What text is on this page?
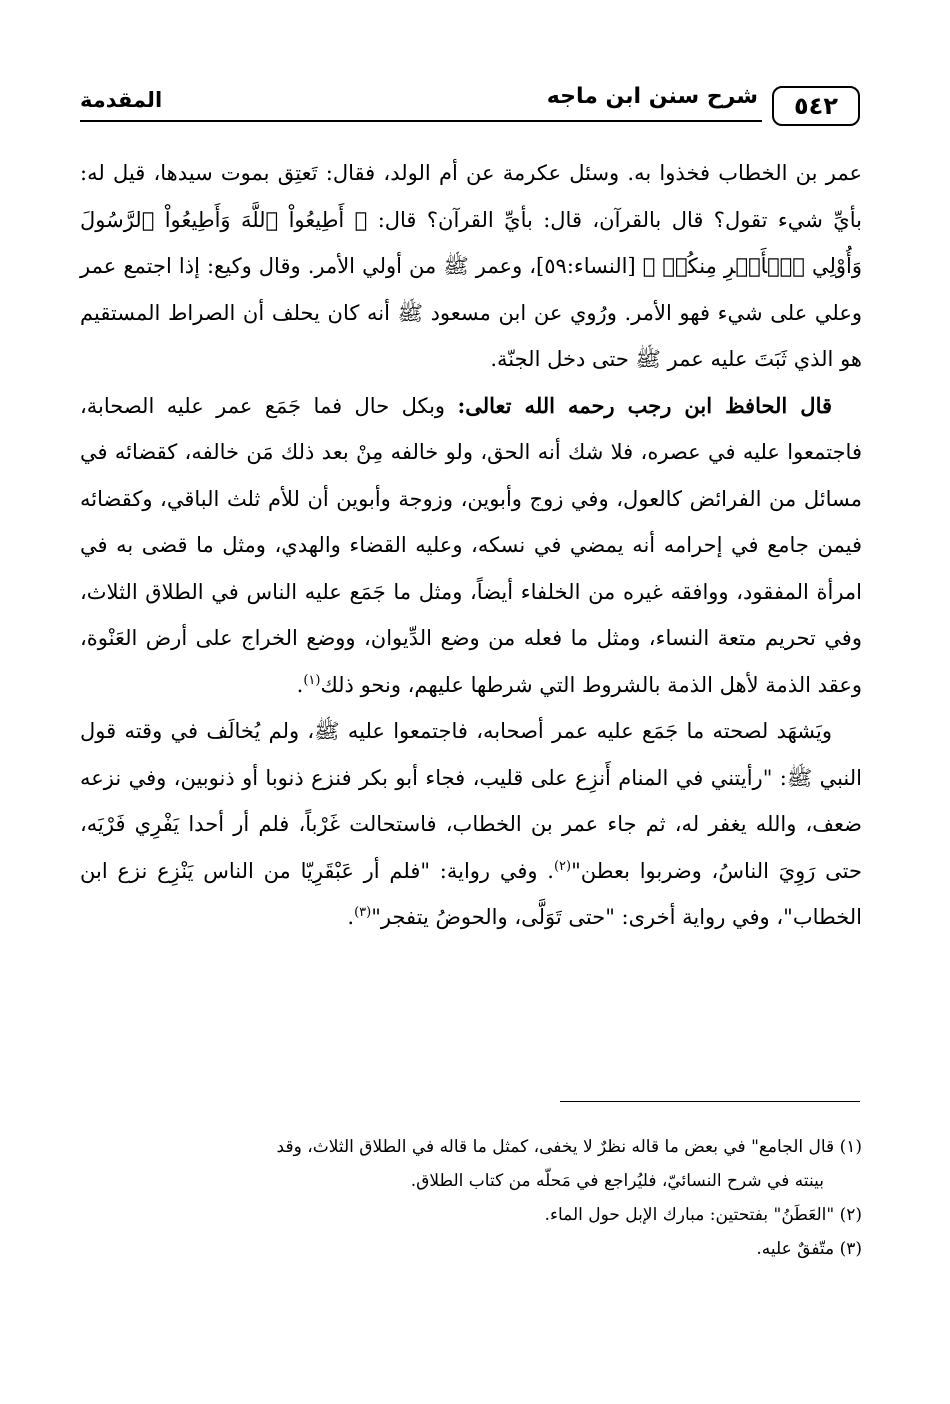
٥٤٢
شرح سنن ابن ماجه
المقدمة

عمر بن الخطاب فخذوا به. وسئل عكرمة عن أم الولد، فقال: تَعتِق بموت سيدها، قيل له: بأيِّ شيء تقول؟ قال بالقرآن، قال: بأيِّ القرآن؟ قال: ﴿ أَطِيعُواْ ٱللَّهَ وَأَطِيعُواْ ٱلرَّسُولَ وَأُوْلِي ٱلۡأَمۡرِ مِنكُمۡ ﴾ [النساء:٥٩]، وعمر ﷺ من أولي الأمر. وقال وكيع: إذا اجتمع عمر وعلي على شيء فهو الأمر. ورُوي عن ابن مسعود ﷺ أنه كان يحلف أن الصراط المستقيم هو الذي ثَبَتَ عليه عمر ﷺ حتى دخل الجنّة.

قال الحافظ ابن رجب رحمه الله تعالى: وبكل حال فما جَمَع عمر عليه الصحابة، فاجتمعوا عليه في عصره، فلا شك أنه الحق، ولو خالفه مِنْ بعد ذلك مَن خالفه، كقضائه في مسائل من الفرائض كالعول، وفي زوج وأبوين، وزوجة وأبوين أن للأم ثلث الباقي، وكقضائه فيمن جامع في إحرامه أنه يمضي في نسكه، وعليه القضاء والهدي، ومثل ما قضى به في امرأة المفقود، ووافقه غيره من الخلفاء أيضاً، ومثل ما جَمَع عليه الناس في الطلاق الثلاث، وفي تحريم متعة النساء، ومثل ما فعله من وضع الدِّيوان، ووضع الخراج على أرض العَنْوة، وعقد الذمة لأهل الذمة بالشروط التي شرطها عليهم، ونحو ذلك$^{(١)}$.

ويَشهَد لصحته ما جَمَع عليه عمر أصحابه، فاجتمعوا عليه ﷺ، ولم يُخالَف في وقته قول النبي ﷺ: "رأيتني في المنام أَنزِع على قليب، فجاء أبو بكر فنزع ذنوبا أو ذنوبين، وفي نزعه ضعف، والله يغفر له، ثم جاء عمر بن الخطاب، فاستحالت غَرْباً، فلم أر أحدا يَفْرِي فَرْيَه، حتى رَوِيَ الناسُ، وضربوا بعطن"$^{(٢)}$. وفي رواية: "فلم أر عَبْقَرِيّا من الناس يَنْزِع نزع ابن الخطاب"، وفي رواية أخرى: "حتى تَوَلَّى، والحوضُ يتفجر"$^{(٣)}$.

(١) قال الجامع" في بعض ما قاله نظرٌ لا يخفى، كمثل ما قاله في الطلاق الثلاث، وقد

بينته في شرح النسائيّ، فليُراجع في مَحلّه من كتاب الطلاق.

(٢) "العَطَنُ" بفتحتين: مبارك الإبل حول الماء.

(٣) متّفقٌ عليه.
